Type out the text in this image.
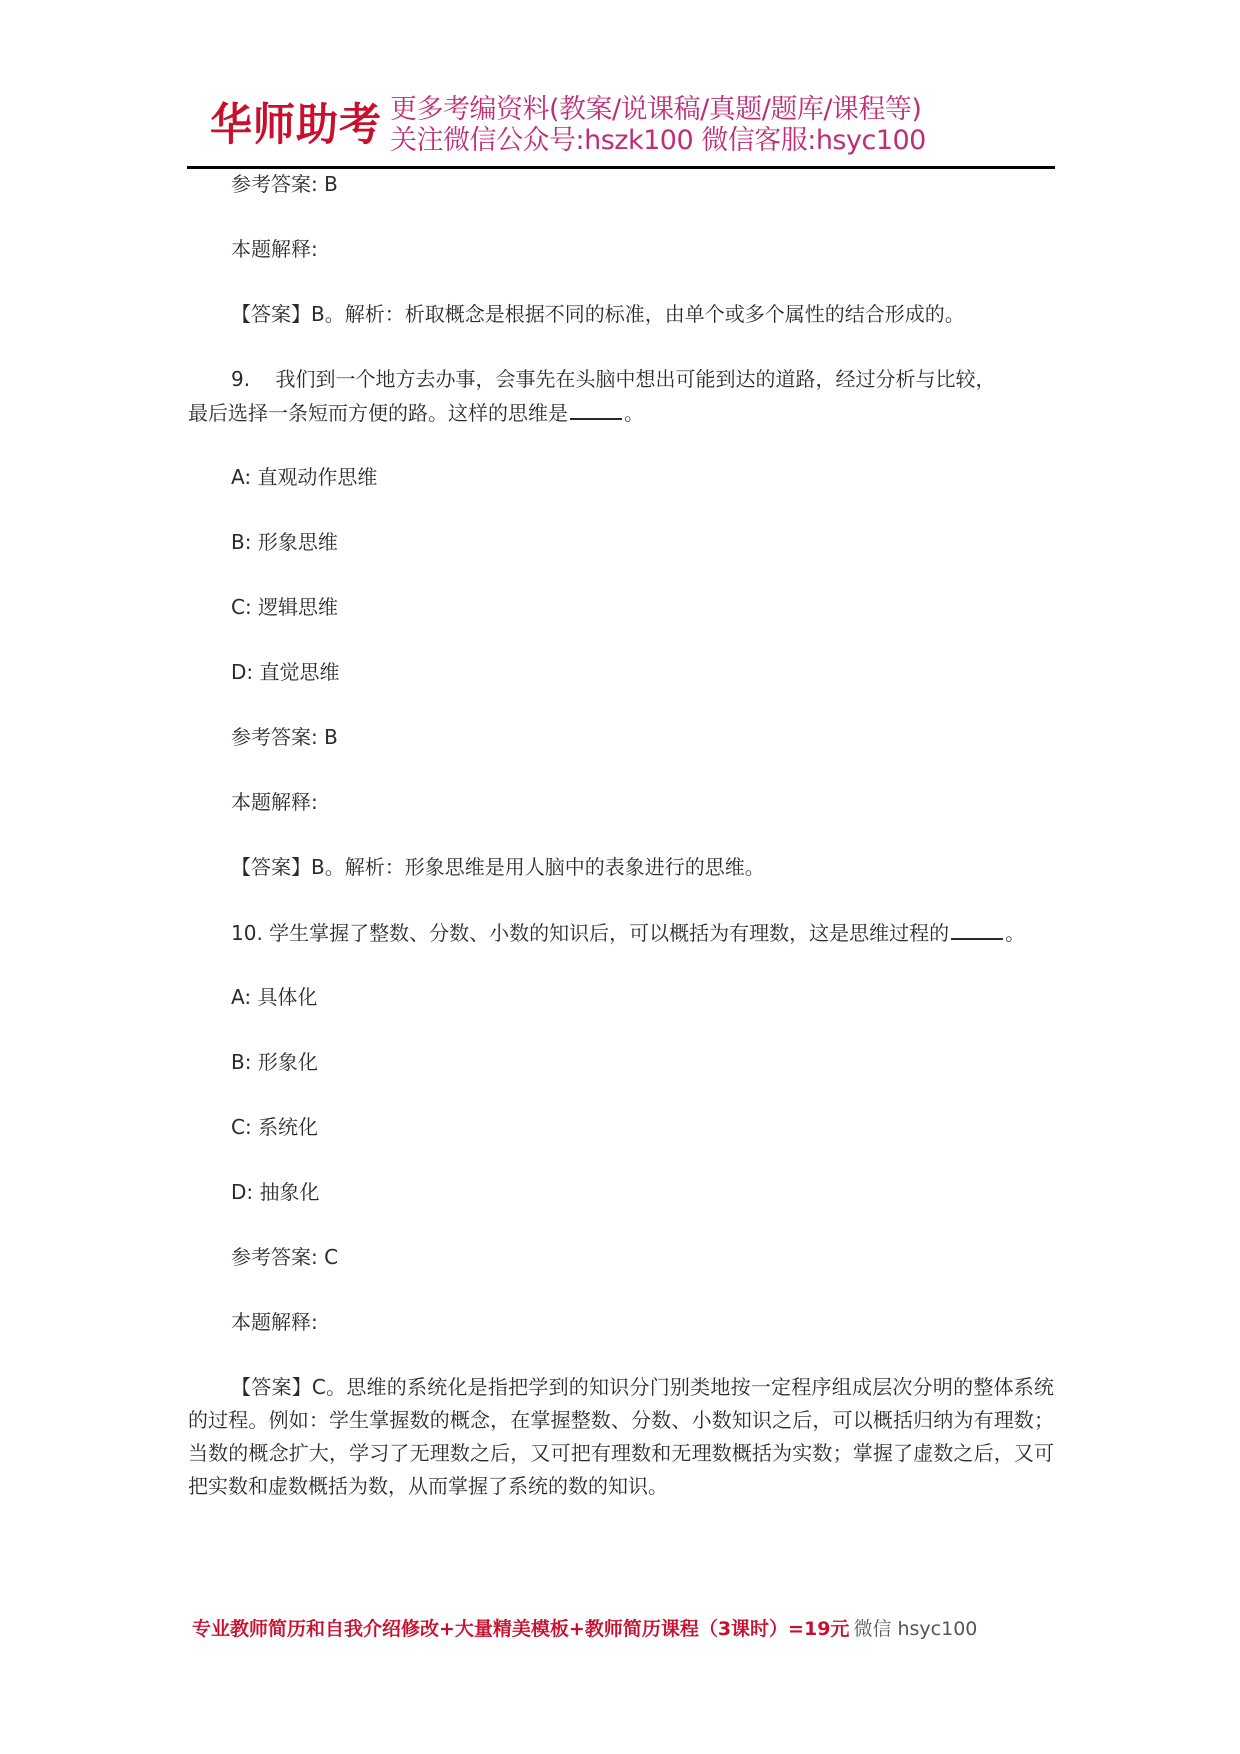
华师助考 更多考编资料(教案/说课稿/真题/题库/课程等)
关注微信公众号:hszk100 微信客服:hsyc100
参考答案: B
本题解释:
【答案】B。解析：析取概念是根据不同的标准，由单个或多个属性的结合形成的。
9. 我们到一个地方去办事，会事先在头脑中想出可能到达的道路，经过分析与比较，
最后选择一条短而方便的路。这样的思维是	。
A: 直观动作思维
B: 形象思维
C: 逻辑思维
D: 直觉思维
参考答案: B
本题解释:
【答案】B。解析：形象思维是用人脑中的表象进行的思维。
10. 学生掌握了整数、分数、小数的知识后，可以概括为有理数，这是思维过程的	。
A: 具体化
B: 形象化
C: 系统化
D: 抽象化
参考答案: C
本题解释:
【答案】C。思维的系统化是指把学到的知识分门别类地按一定程序组成层次分明的整体系统的过程。例如：学生掌握数的概念，在掌握整数、分数、小数知识之后，可以概括归纳为有理数；当数的概念扩大，学习了无理数之后，又可把有理数和无理数概括为实数；掌握了虚数之后，又可把实数和虚数概括为数，从而掌握了系统的数的知识。
专业教师简历和自我介绍修改+大量精美模板+教师简历课程（3课时）=19元 微信 hsyc100
